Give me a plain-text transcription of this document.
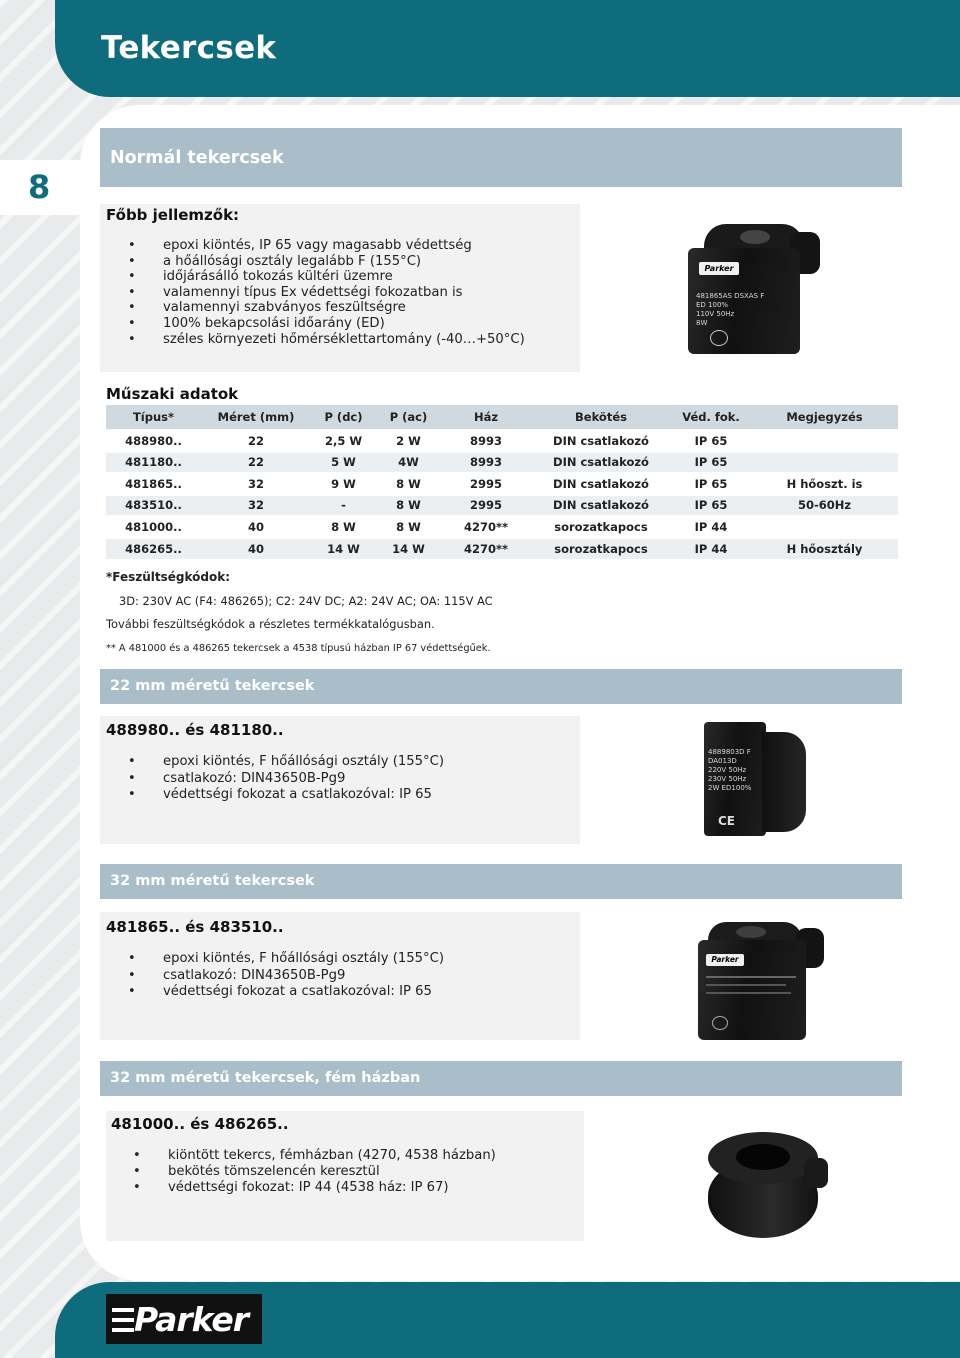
Tekercsek
8
Normál tekercsek
Főbb jellemzők:
• epoxi kiöntés, IP 65 vagy magasabb védettség
• a hőállósági osztály legalább F (155°C)
• időjárásálló tokozás kültéri üzemre
• valamennyi típus Ex védettségi fokozatban is
• valamennyi szabványos feszültségre
• 100% bekapcsolási időarány (ED)
• széles környezeti hőmérséklettartomány (-40…+50°C)
Parker
481865AS DSXAS F
ED 100%
110V 50Hz
8W
Műszaki adatok
Típus*	Méret (mm)	P (dc)	P (ac)	Ház	Bekötés	Véd. fok.	Megjegyzés
488980..	22	2,5 W	2 W	8993	DIN csatlakozó	IP 65	
481180..	22	5 W	4W	8993	DIN csatlakozó	IP 65	
481865..	32	9 W	8 W	2995	DIN csatlakozó	IP 65	H hőoszt. is
483510..	32	-	8 W	2995	DIN csatlakozó	IP 65	50-60Hz
481000..	40	8 W	8 W	4270**	sorozatkapocs	IP 44	
486265..	40	14 W	14 W	4270**	sorozatkapocs	IP 44	H hőosztály
*Feszültségkódok:
3D: 230V AC (F4: 486265); C2: 24V DC; A2: 24V AC; OA: 115V AC
További feszültségkódok a részletes termékkatalógusban.
** A 481000 és a 486265 tekercsek a 4538 típusú házban IP 67 védettségűek.
22 mm méretű tekercsek
488980.. és 481180..
• epoxi kiöntés, F hőállósági osztály (155°C)
• csatlakozó: DIN43650B-Pg9
• védettségi fokozat a csatlakozóval: IP 65
4889803D F
DA013D
220V 50Hz
230V 50Hz
2W ED100%
CE
32 mm méretű tekercsek
481865.. és 483510..
• epoxi kiöntés, F hőállósági osztály (155°C)
• csatlakozó: DIN43650B-Pg9
• védettségi fokozat a csatlakozóval: IP 65
Parker
32 mm méretű tekercsek, fém házban
481000.. és 486265..
• kiöntött tekercs, fémházban (4270, 4538 házban)
• bekötés tömszelencén keresztül
• védettségi fokozat: IP 44 (4538 ház: IP 67)
Parker
